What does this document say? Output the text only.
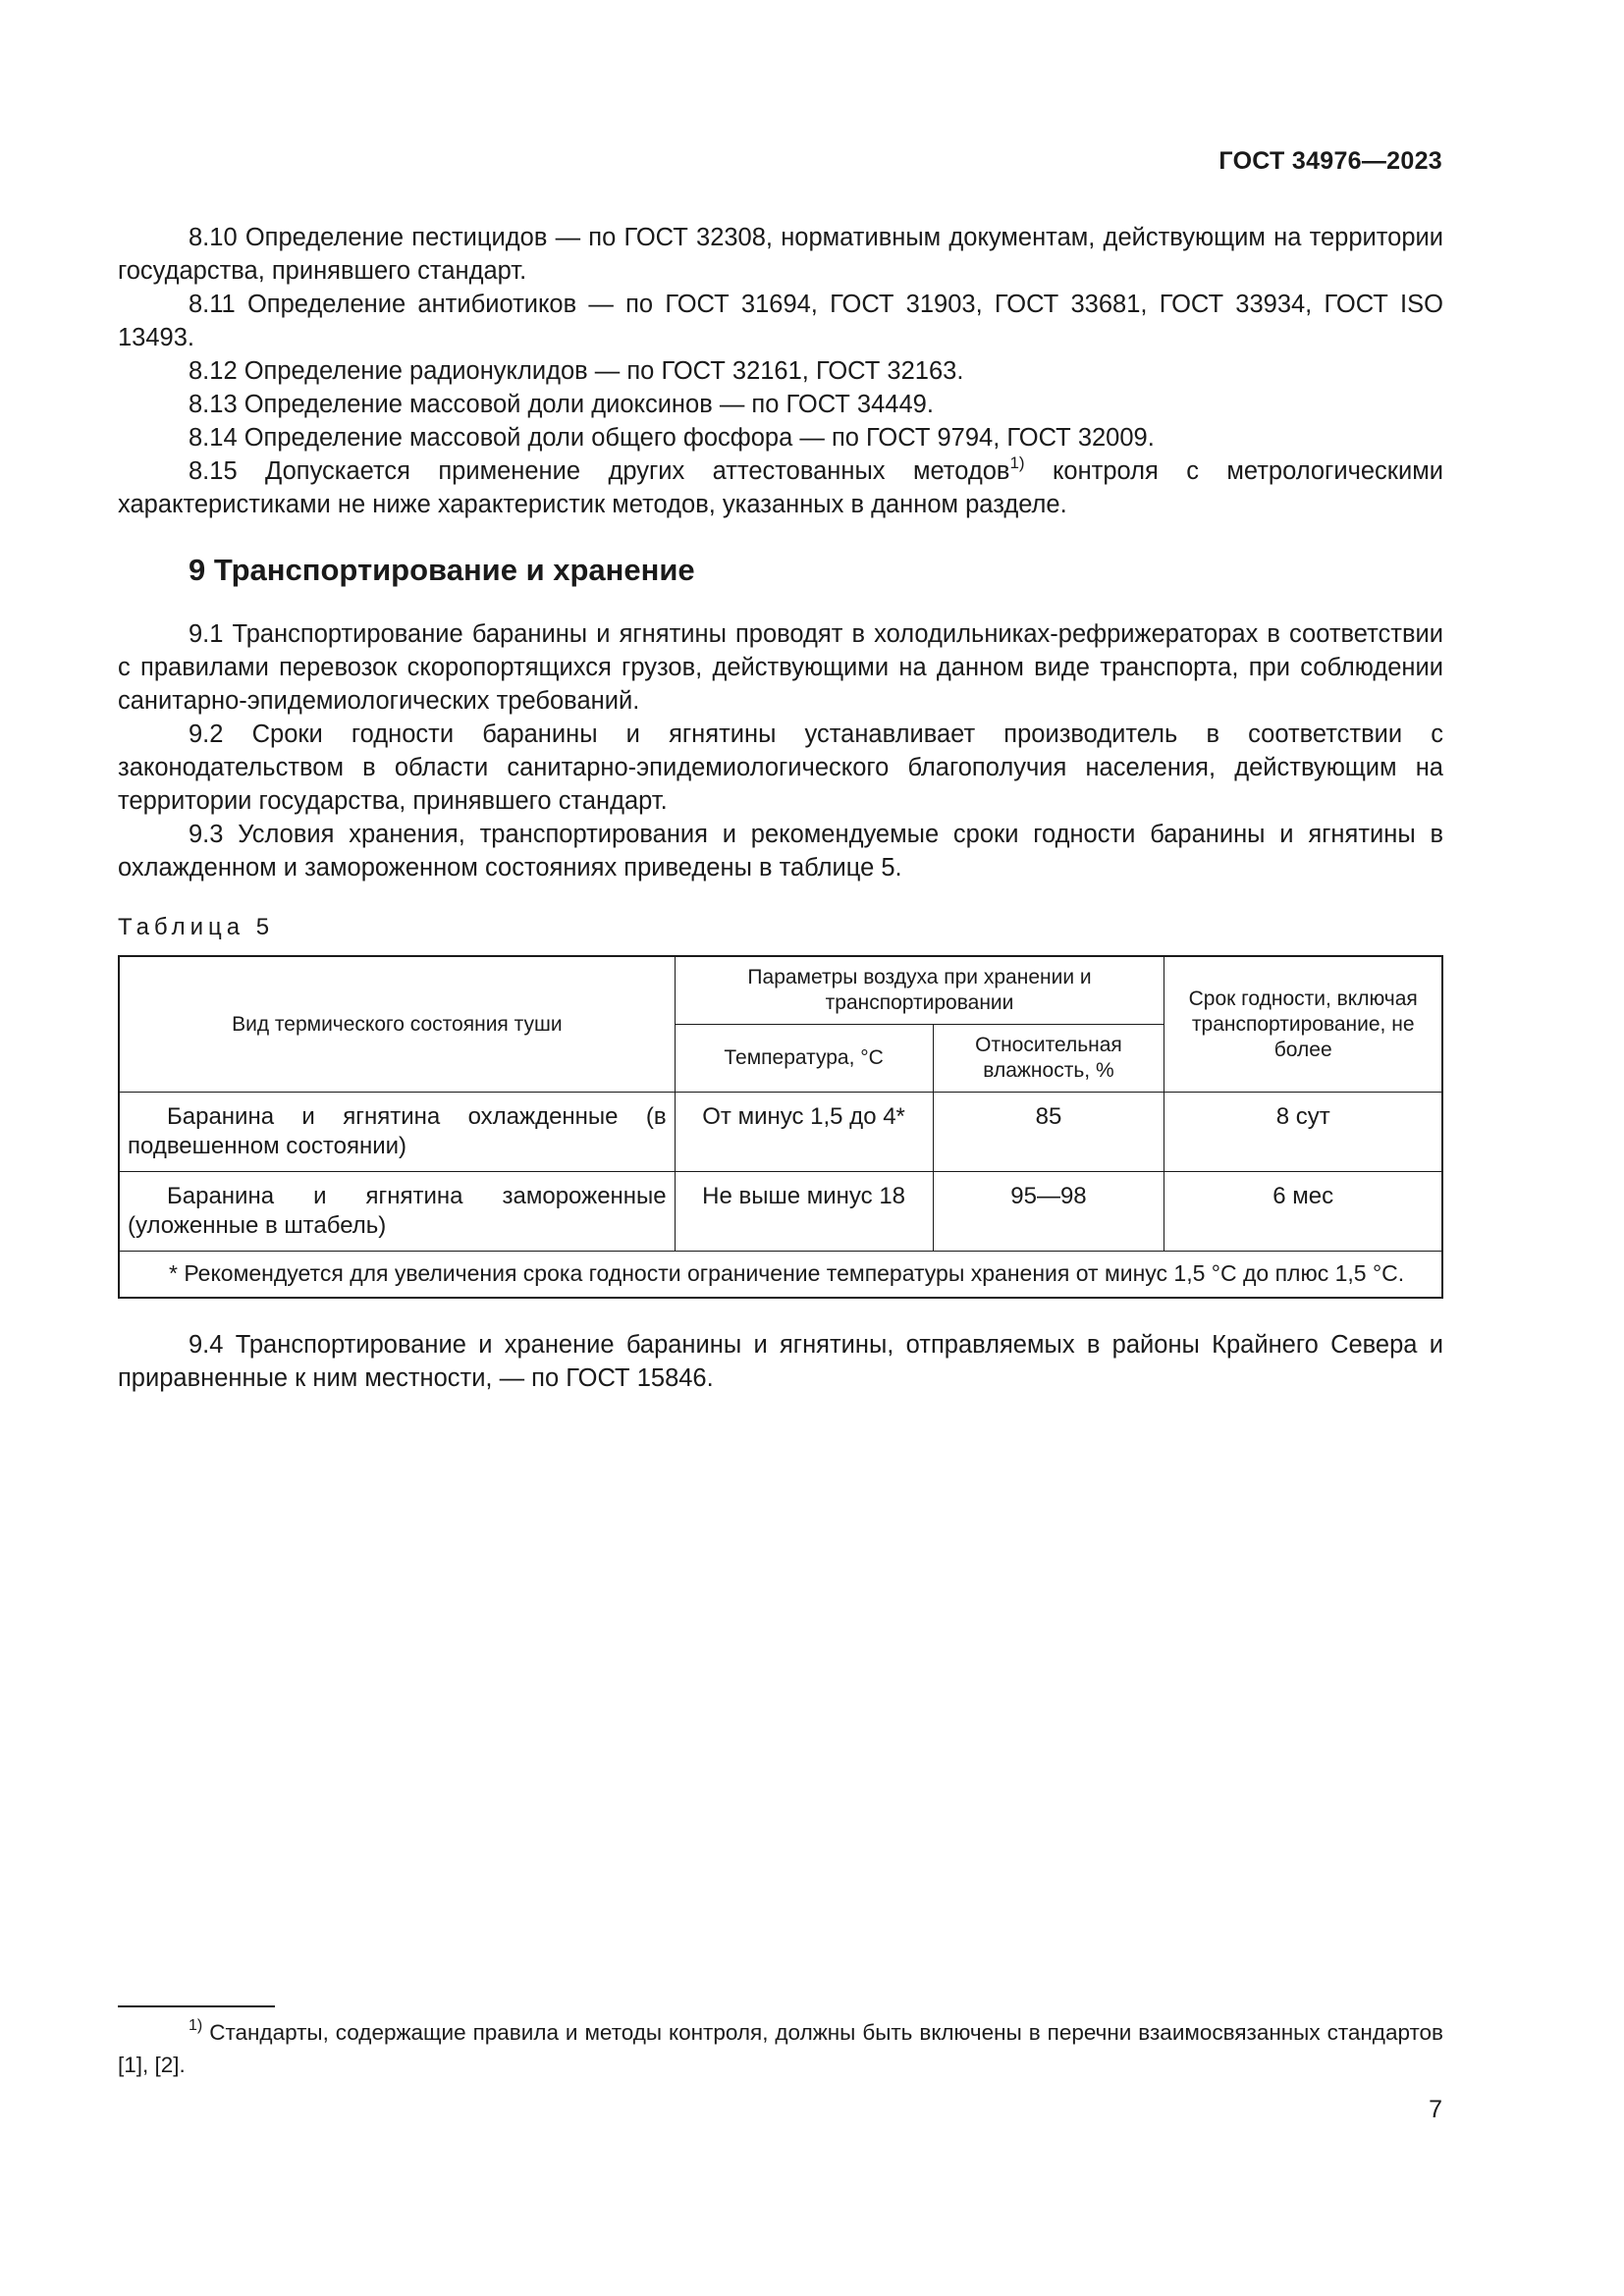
ГОСТ 34976—2023

8.10 Определение пестицидов — по ГОСТ 32308, нормативным документам, действующим на территории государства, принявшего стандарт.

8.11 Определение антибиотиков — по ГОСТ 31694, ГОСТ 31903, ГОСТ 33681, ГОСТ 33934, ГОСТ ISO 13493.

8.12 Определение радионуклидов — по ГОСТ 32161, ГОСТ 32163.

8.13 Определение массовой доли диоксинов — по ГОСТ 34449.

8.14 Определение массовой доли общего фосфора — по ГОСТ 9794, ГОСТ 32009.

8.15 Допускается применение других аттестованных методов$^{1)}$ контроля с метрологическими характеристиками не ниже характеристик методов, указанных в данном разделе.

9 Транспортирование и хранение

9.1 Транспортирование баранины и ягнятины проводят в холодильниках-рефрижераторах в соответствии с правилами перевозок скоропортящихся грузов, действующими на данном виде транспорта, при соблюдении санитарно-эпидемиологических требований.

9.2 Сроки годности баранины и ягнятины устанавливает производитель в соответствии с законодательством в области санитарно-эпидемиологического благополучия населения, действующим на территории государства, принявшего стандарт.

9.3 Условия хранения, транспортирования и рекомендуемые сроки годности баранины и ягнятины в охлажденном и замороженном состояниях приведены в таблице 5.

Таблица 5
Вид термического состояния туши	Параметры воздуха при хранении и транспортировании		Срок годности, включая транспортирование, не более
	Температура, °С	Относительная влажность, %	
Баранина и ягнятина охлажденные (в подвешенном состоянии)	От минус 1,5 до 4*	85	8 сут
Баранина и ягнятина замороженные (уложенные в штабель)	Не выше минус 18	95—98	6 мес
* Рекомендуется для увеличения срока годности ограничение температуры хранения от минус 1,5 °С до плюс 1,5 °С.			

9.4 Транспортирование и хранение баранины и ягнятины, отправляемых в районы Крайнего Севера и приравненные к ним местности, — по ГОСТ 15846.

$^{1)}$ Стандарты, содержащие правила и методы контроля, должны быть включены в перечни взаимосвязанных стандартов [1], [2].

7
